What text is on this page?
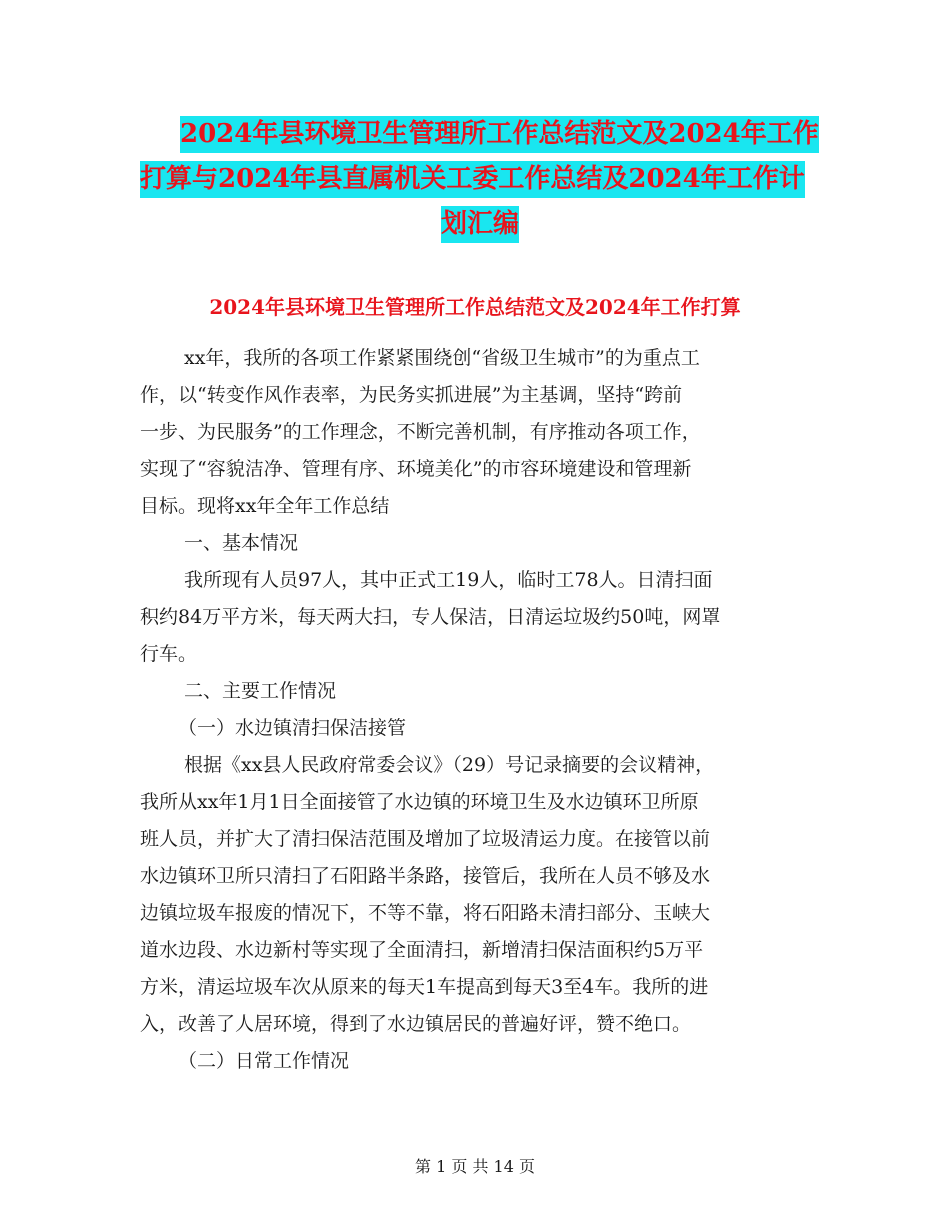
2024年县环境卫生管理所工作总结范文及2024年工作
打算与2024年县直属机关工委工作总结及2024年工作计
划汇编
2024年县环境卫生管理所工作总结范文及2024年工作打算
xx年，我所的各项工作紧紧围绕创“省级卫生城市”的为重点工
作，以“转变作风作表率，为民务实抓进展”为主基调，坚持“跨前
一步、为民服务”的工作理念，不断完善机制，有序推动各项工作，
实现了“容貌洁净、管理有序、环境美化”的市容环境建设和管理新
目标。现将xx年全年工作总结
一、基本情况
我所现有人员97人，其中正式工19人，临时工78人。日清扫面
积约84万平方米，每天两大扫，专人保洁，日清运垃圾约50吨，网罩
行车。
二、主要工作情况
（一）水边镇清扫保洁接管
根据《xx县人民政府常委会议》（29）号记录摘要的会议精神，
我所从xx年1月1日全面接管了水边镇的环境卫生及水边镇环卫所原
班人员，并扩大了清扫保洁范围及增加了垃圾清运力度。在接管以前
水边镇环卫所只清扫了石阳路半条路，接管后，我所在人员不够及水
边镇垃圾车报废的情况下，不等不靠，将石阳路未清扫部分、玉峡大
道水边段、水边新村等实现了全面清扫，新增清扫保洁面积约5万平
方米，清运垃圾车次从原来的每天1车提高到每天3至4车。我所的进
入，改善了人居环境，得到了水边镇居民的普遍好评，赞不绝口。
（二）日常工作情况
第 1 页 共 14 页
